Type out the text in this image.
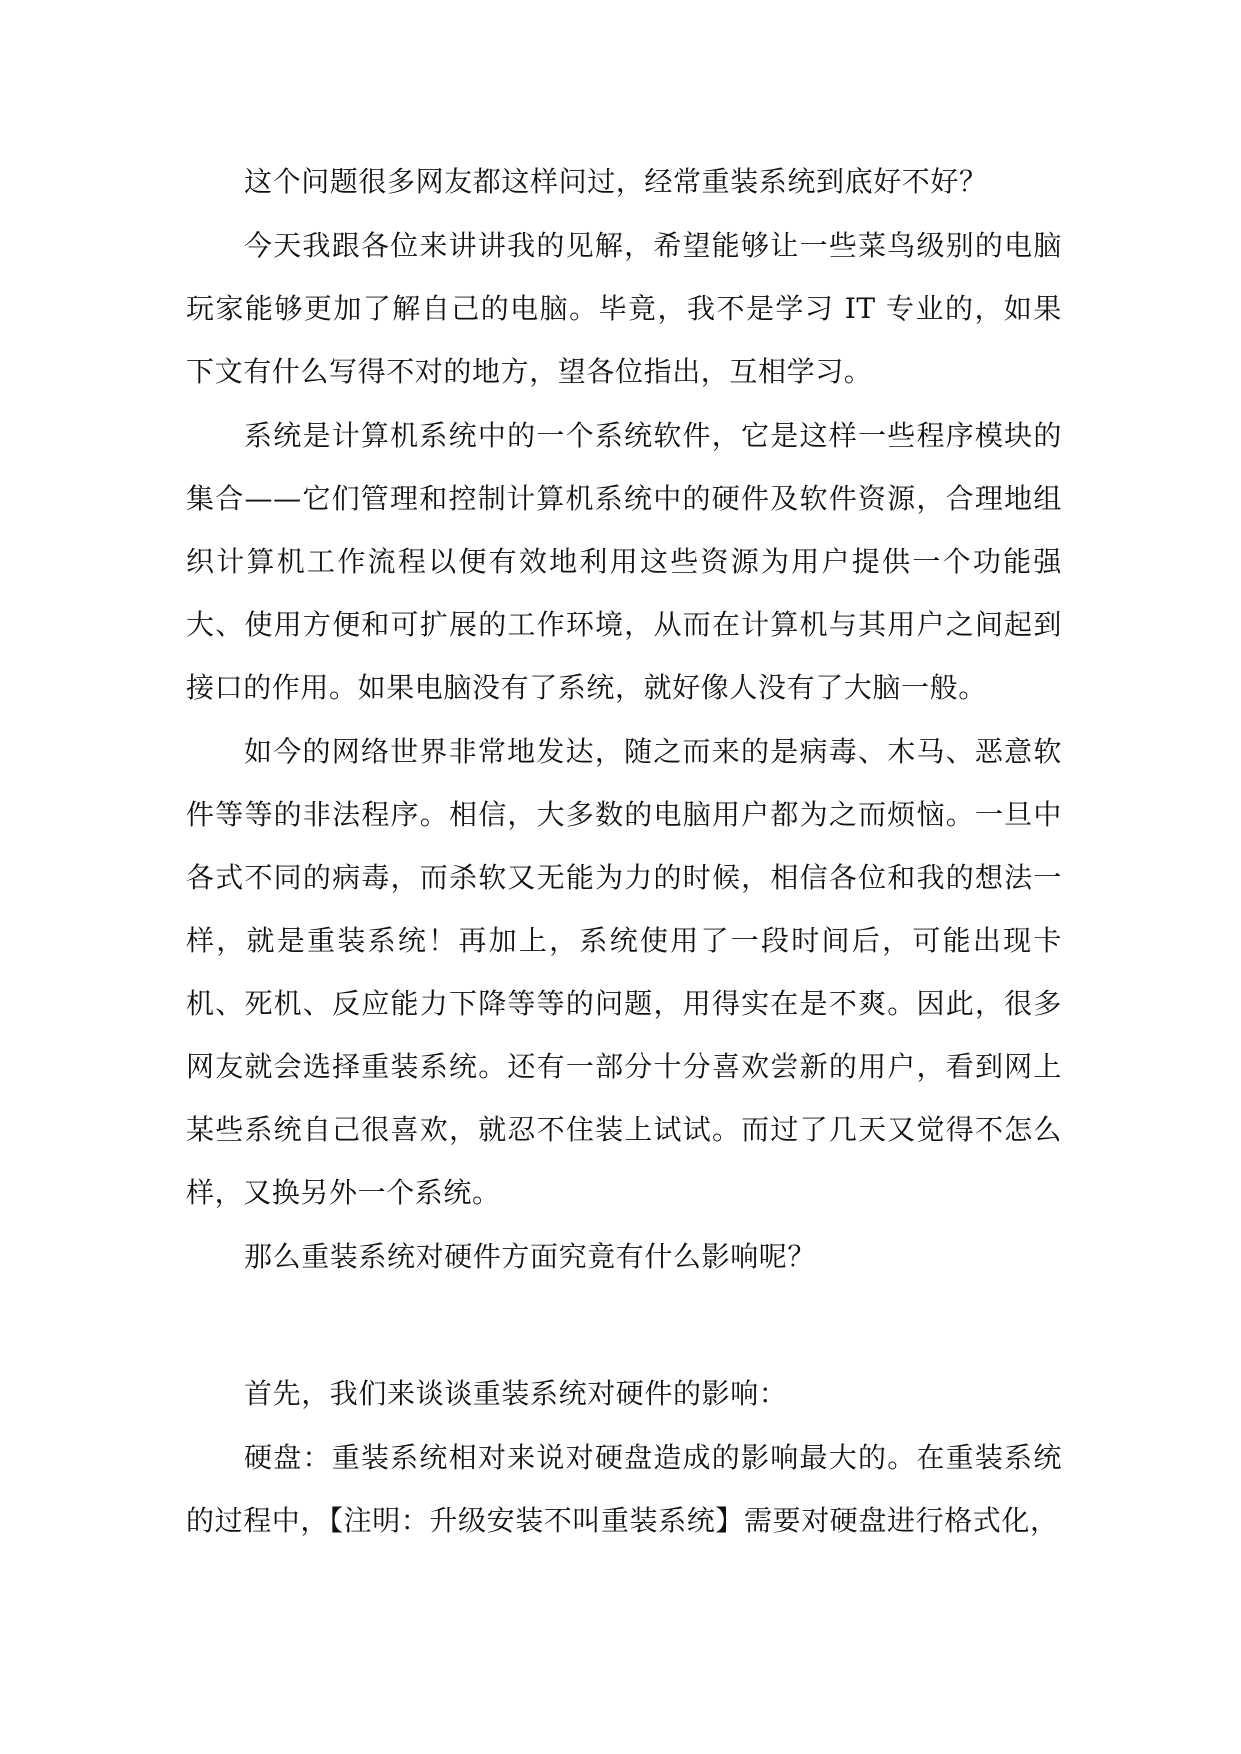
这个问题很多网友都这样问过，经常重装系统到底好不好？

今天我跟各位来讲讲我的见解，希望能够让一些菜鸟级别的电脑玩家能够更加了解自己的电脑。毕竟，我不是学习 IT 专业的，如果下文有什么写得不对的地方，望各位指出，互相学习。

系统是计算机系统中的一个系统软件，它是这样一些程序模块的集合——它们管理和控制计算机系统中的硬件及软件资源，合理地组织计算机工作流程以便有效地利用这些资源为用户提供一个功能强大、使用方便和可扩展的工作环境，从而在计算机与其用户之间起到接口的作用。如果电脑没有了系统，就好像人没有了大脑一般。

如今的网络世界非常地发达，随之而来的是病毒、木马、恶意软件等等的非法程序。相信，大多数的电脑用户都为之而烦恼。一旦中各式不同的病毒，而杀软又无能为力的时候，相信各位和我的想法一样，就是重装系统！再加上，系统使用了一段时间后，可能出现卡机、死机、反应能力下降等等的问题，用得实在是不爽。因此，很多网友就会选择重装系统。还有一部分十分喜欢尝新的用户，看到网上某些系统自己很喜欢，就忍不住装上试试。而过了几天又觉得不怎么样，又换另外一个系统。

那么重装系统对硬件方面究竟有什么影响呢？

首先，我们来谈谈重装系统对硬件的影响：

硬盘：重装系统相对来说对硬盘造成的影响最大的。在重装系统的过程中，【注明：升级安装不叫重装系统】需要对硬盘进行格式化，
